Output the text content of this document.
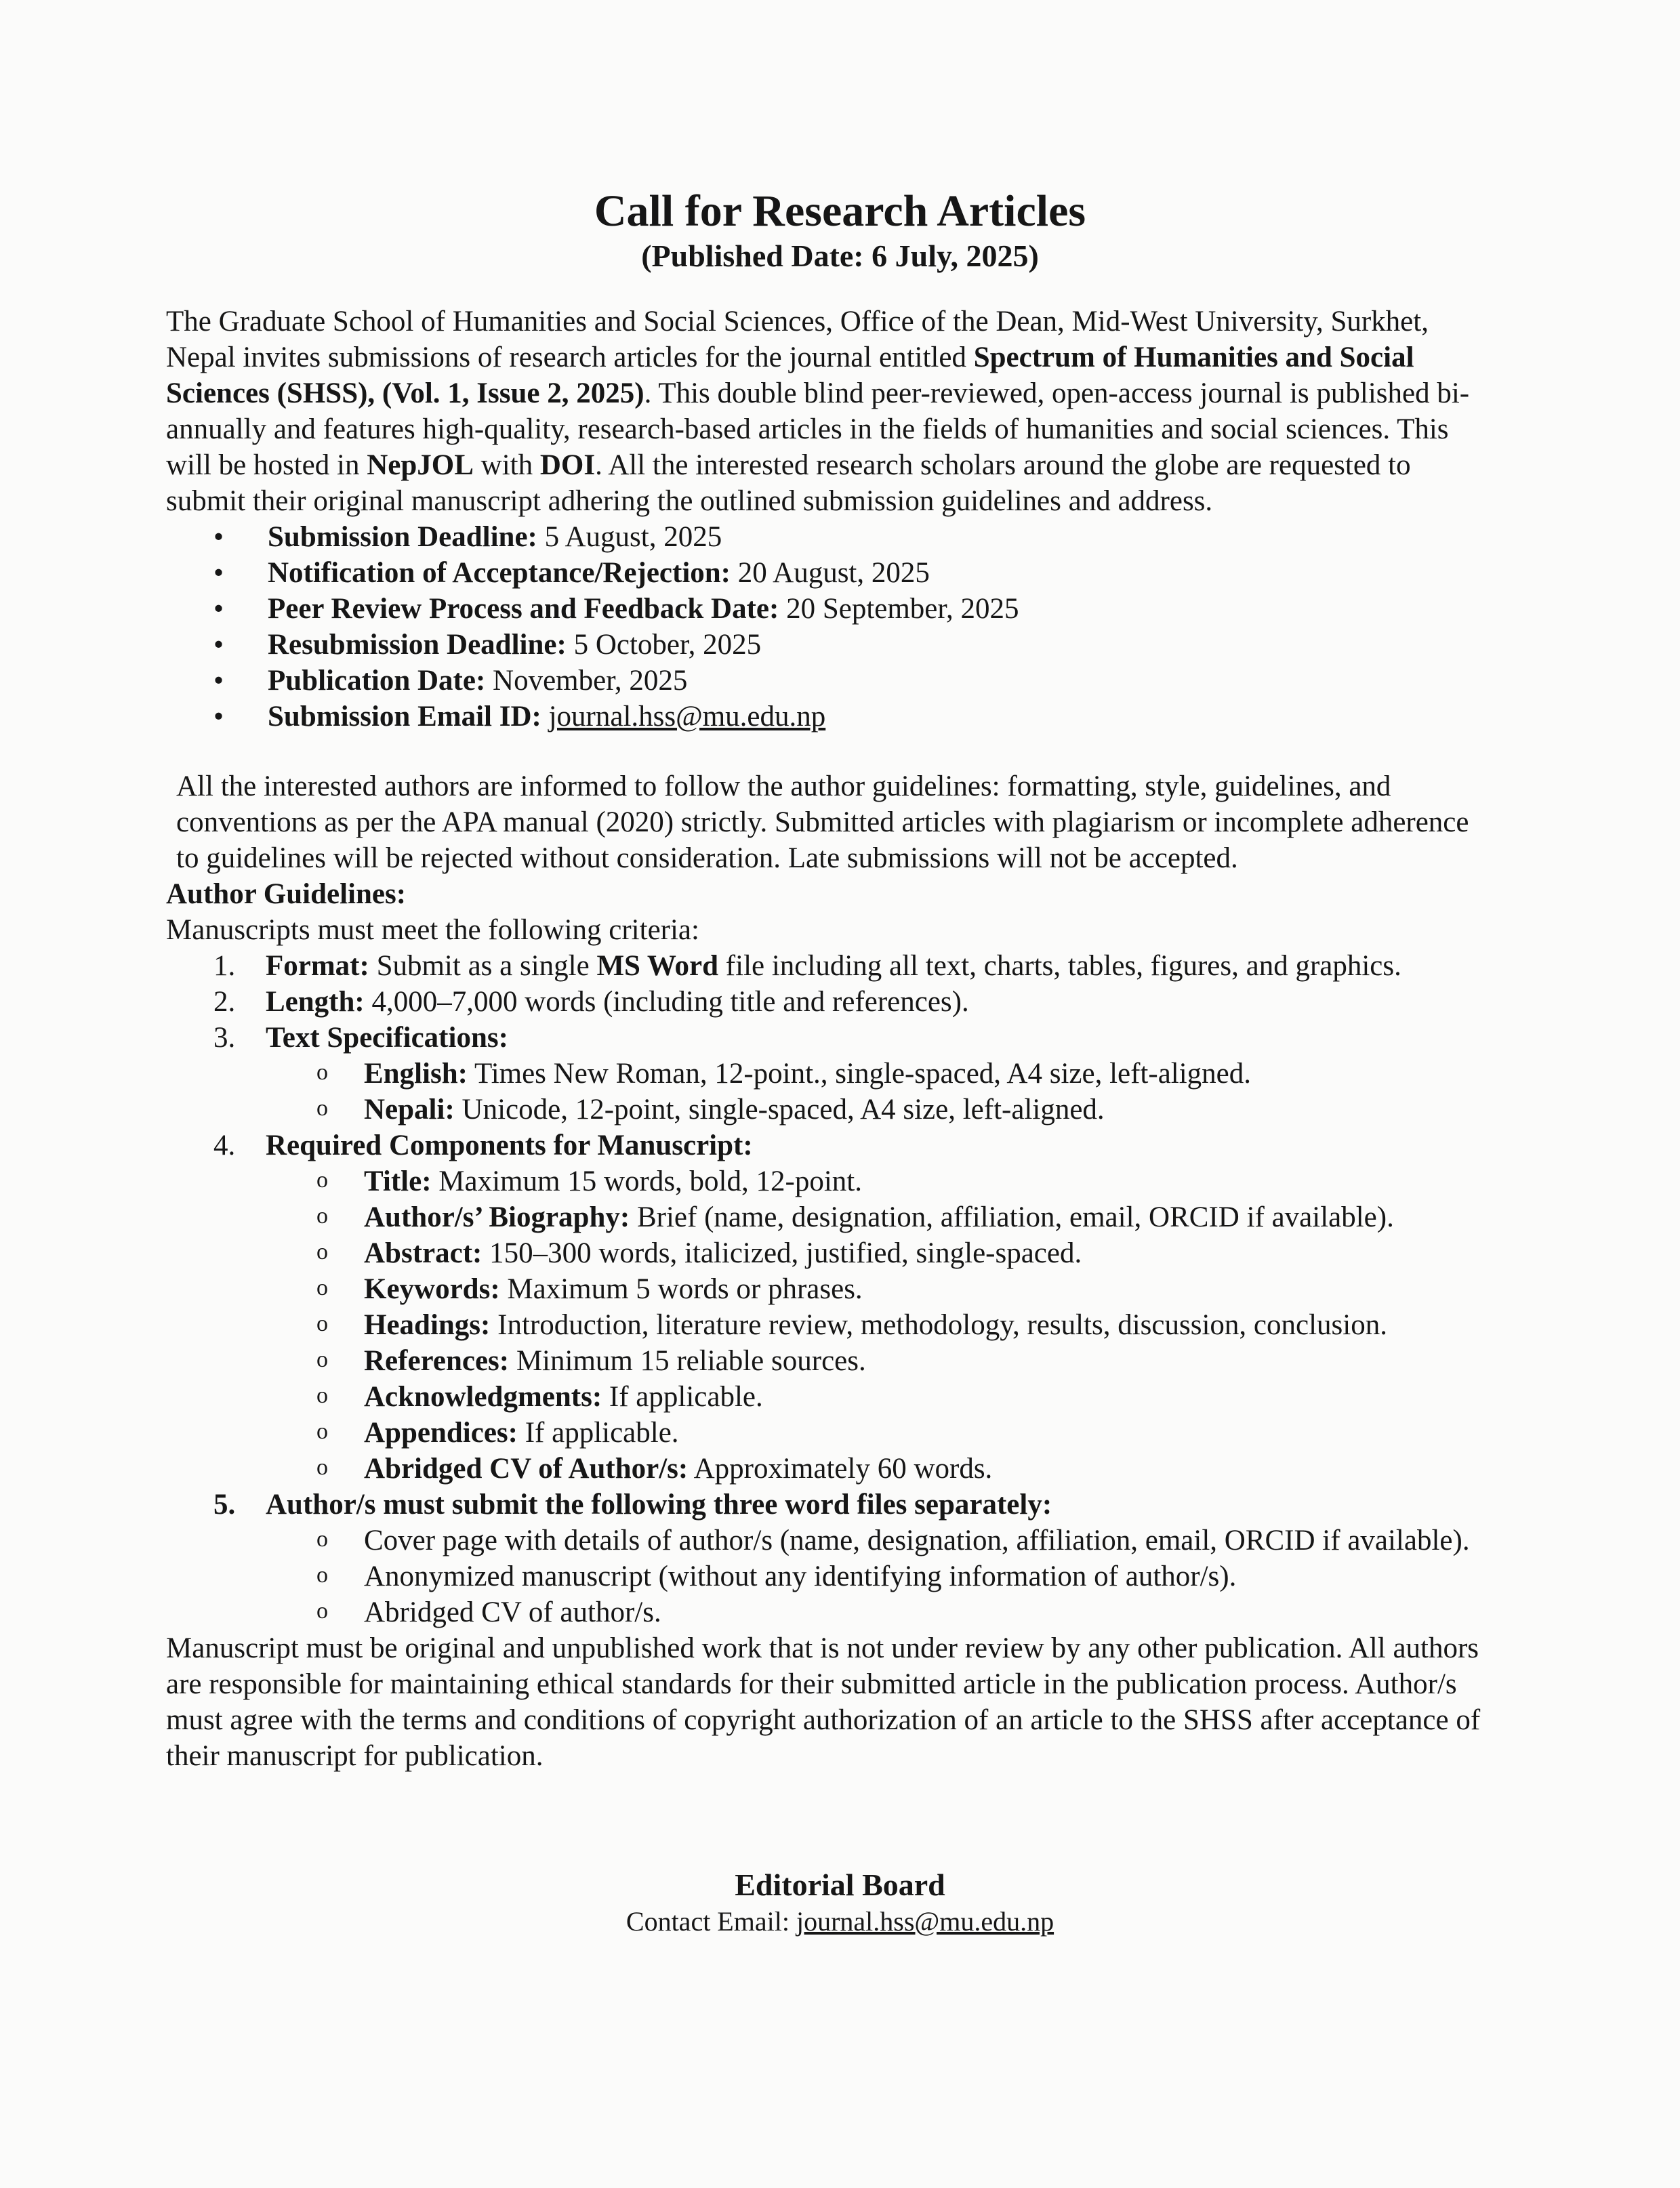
Call for Research Articles
(Published Date: 6 July, 2025)

The Graduate School of Humanities and Social Sciences, Office of the Dean, Mid-West University, Surkhet, Nepal invites submissions of research articles for the journal entitled Spectrum of Humanities and Social Sciences (SHSS), (Vol. 1, Issue 2, 2025). This double blind peer-reviewed, open-access journal is published bi-annually and features high-quality, research-based articles in the fields of humanities and social sciences. This will be hosted in NepJOL with DOI. All the interested research scholars around the globe are requested to submit their original manuscript adhering the outlined submission guidelines and address.

• Submission Deadline: 5 August, 2025
• Notification of Acceptance/Rejection: 20 August, 2025
• Peer Review Process and Feedback Date: 20 September, 2025
• Resubmission Deadline: 5 October, 2025
• Publication Date: November, 2025
• Submission Email ID: journal.hss@mu.edu.np

All the interested authors are informed to follow the author guidelines: formatting, style, guidelines, and conventions as per the APA manual (2020) strictly. Submitted articles with plagiarism or incomplete adherence to guidelines will be rejected without consideration. Late submissions will not be accepted.

Author Guidelines:

Manuscripts must meet the following criteria:

1. Format: Submit as a single MS Word file including all text, charts, tables, figures, and graphics.
2. Length: 4,000–7,000 words (including title and references).
3. Text Specifications:
o English: Times New Roman, 12-point., single-spaced, A4 size, left-aligned.
o Nepali: Unicode, 12-point, single-spaced, A4 size, left-aligned.
4. Required Components for Manuscript:
o Title: Maximum 15 words, bold, 12-point.
o Author/s’ Biography: Brief (name, designation, affiliation, email, ORCID if available).
o Abstract: 150–300 words, italicized, justified, single-spaced.
o Keywords: Maximum 5 words or phrases.
o Headings: Introduction, literature review, methodology, results, discussion, conclusion.
o References: Minimum 15 reliable sources.
o Acknowledgments: If applicable.
o Appendices: If applicable.
o Abridged CV of Author/s: Approximately 60 words.
5. Author/s must submit the following three word files separately:
o Cover page with details of author/s (name, designation, affiliation, email, ORCID if available).
o Anonymized manuscript (without any identifying information of author/s).
o Abridged CV of author/s.

Manuscript must be original and unpublished work that is not under review by any other publication. All authors are responsible for maintaining ethical standards for their submitted article in the publication process. Author/s must agree with the terms and conditions of copyright authorization of an article to the SHSS after acceptance of their manuscript for publication.

Editorial Board
Contact Email: journal.hss@mu.edu.np
